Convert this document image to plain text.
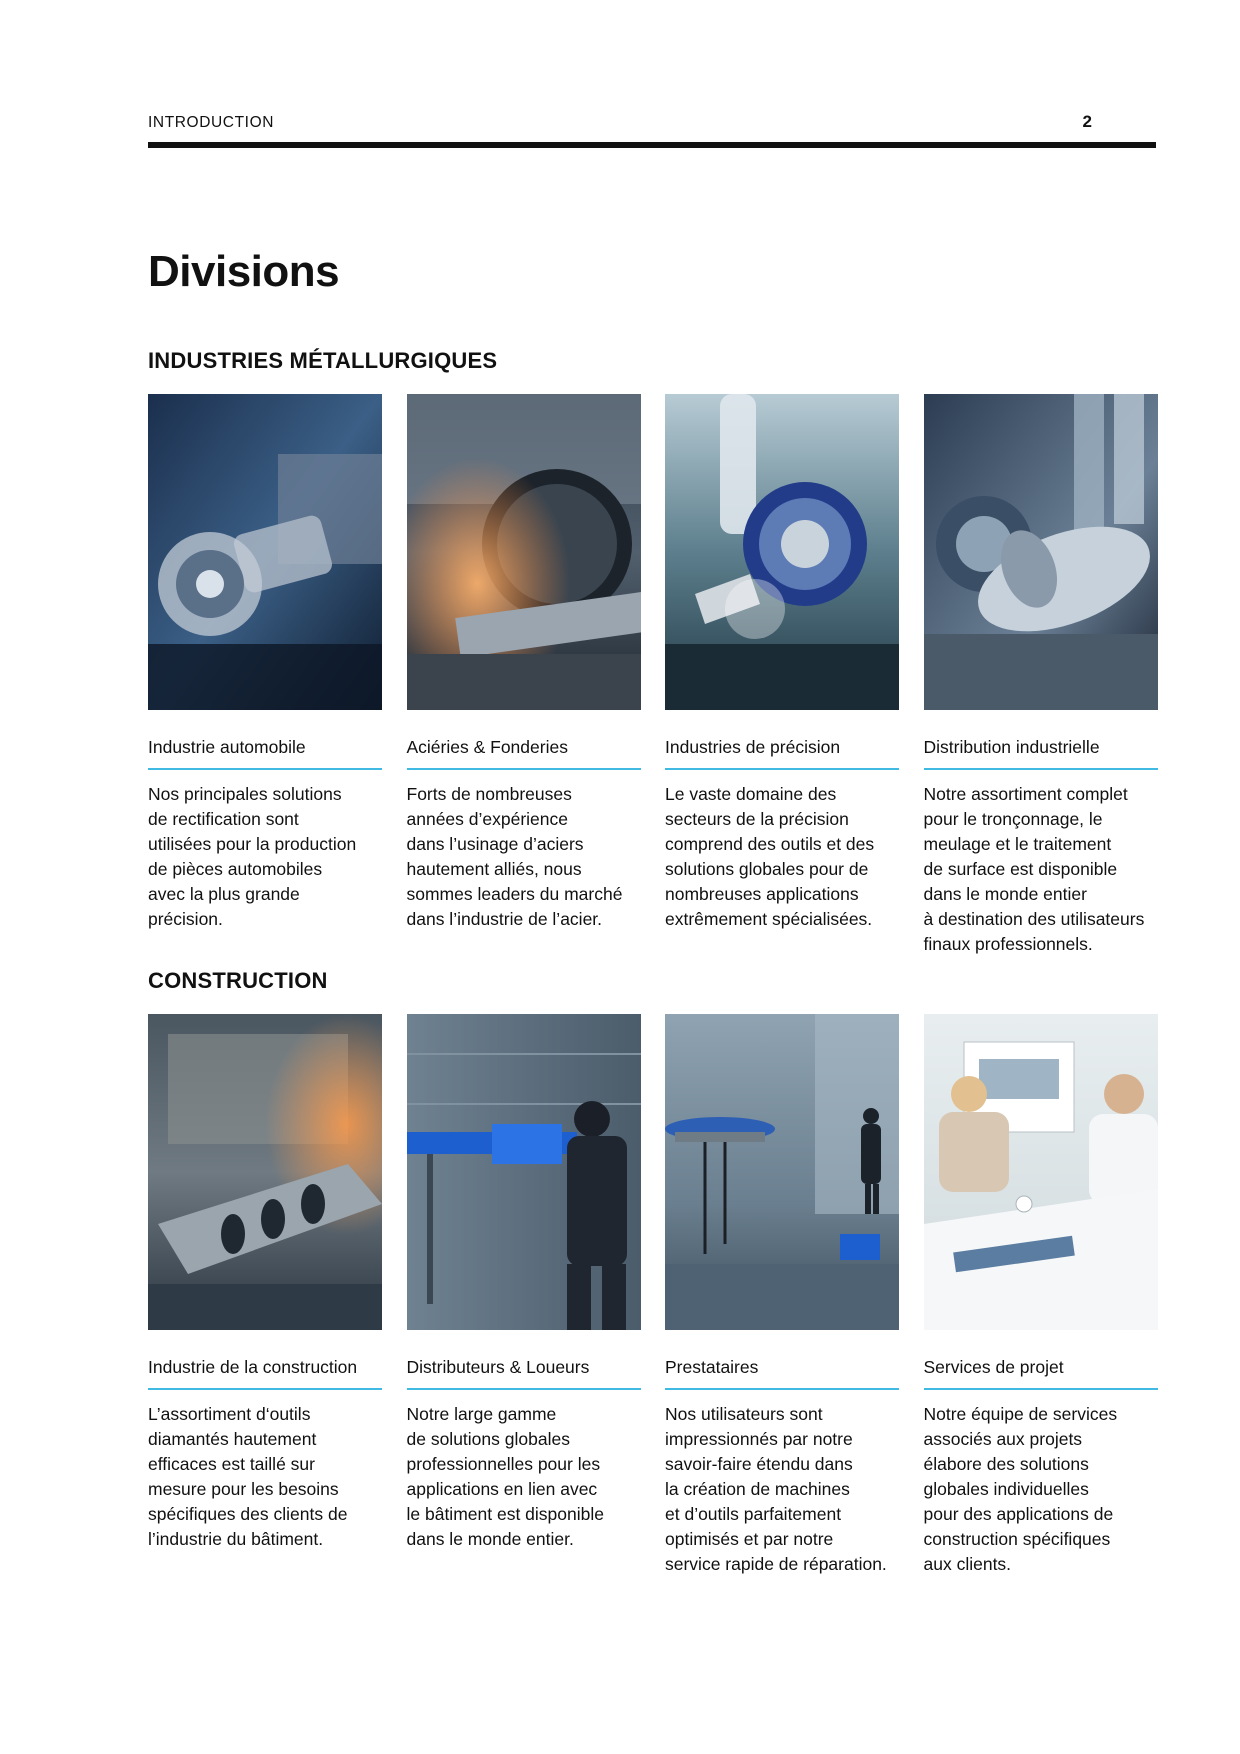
INTRODUCTION	2
Divisions
INDUSTRIES MÉTALLURGIQUES
Industrie automobile
Nos principales solutions
de rectification sont
utilisées pour la production
de pièces automobiles
avec la plus grande
précision.
Aciéries & Fonderies
Forts de nombreuses
années d’expérience
dans l’usinage d’aciers
hautement alliés, nous
sommes leaders du marché
dans l’industrie de l’acier.
Industries de précision
Le vaste domaine des
secteurs de la précision
comprend des outils et des
solutions globales pour de
nombreuses applications
extrêmement spécialisées.
Distribution industrielle
Notre assortiment complet
pour le tronçonnage, le
meulage et le traitement
de surface est disponible
dans le monde entier
à destination des utilisateurs
finaux professionnels.
CONSTRUCTION
Industrie de la construction
L’assortiment d‘outils
diamantés hautement
efficaces est taillé sur
mesure pour les besoins
spécifiques des clients de
l’industrie du bâtiment.
Distributeurs & Loueurs
Notre large gamme
de solutions globales
professionnelles pour les
applications en lien avec
le bâtiment est disponible
dans le monde entier.
Prestataires
Nos utilisateurs sont
impressionnés par notre
savoir-faire étendu dans
la création de machines
et d’outils parfaitement
optimisés et par notre
service rapide de réparation.
Services de projet
Notre équipe de services
associés aux projets
élabore des solutions
globales individuelles
pour des applications de
construction spécifiques
aux clients.
